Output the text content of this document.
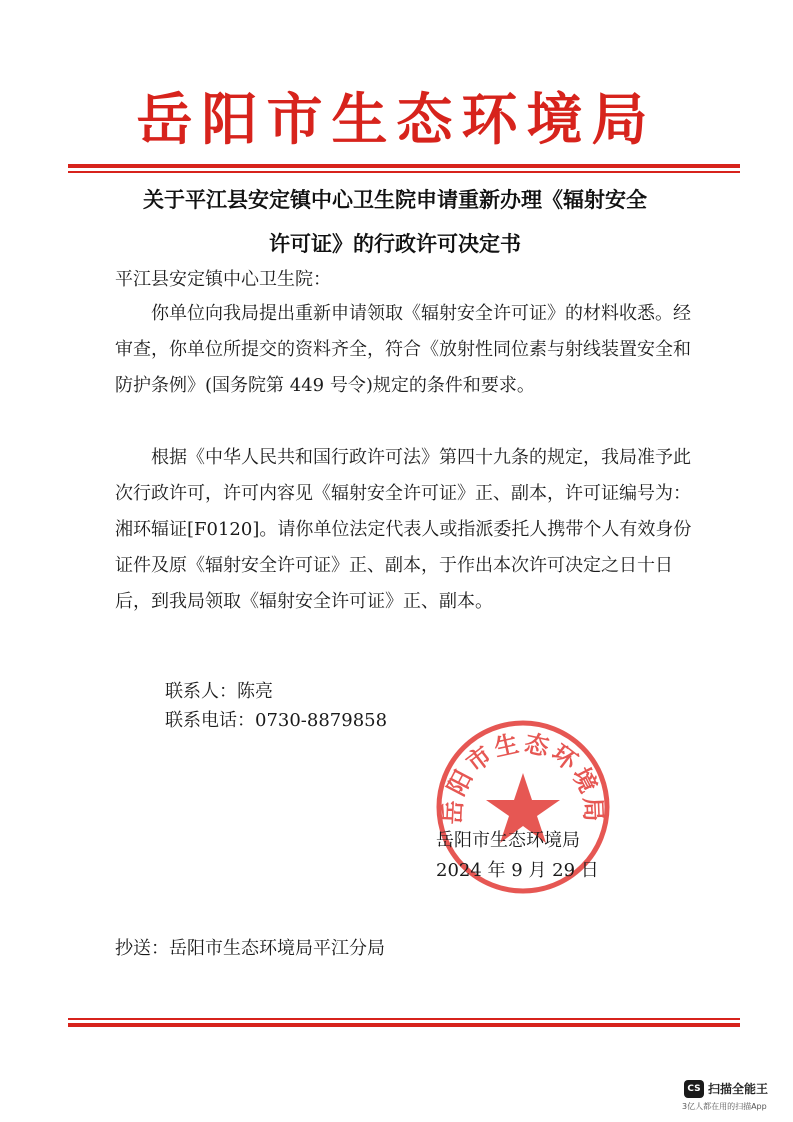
岳阳市生态环境局
关于平江县安定镇中心卫生院申请重新办理《辐射安全
许可证》的行政许可决定书
平江县安定镇中心卫生院：
你单位向我局提出重新申请领取《辐射安全许可证》的材料收悉。经审查，你单位所提交的资料齐全，符合《放射性同位素与射线装置安全和防护条例》(国务院第 449 号令)规定的条件和要求。
根据《中华人民共和国行政许可法》第四十九条的规定，我局准予此次行政许可，许可内容见《辐射安全许可证》正、副本，许可证编号为：湘环辐证[F0120]。请你单位法定代表人或指派委托人携带个人有效身份证件及原《辐射安全许可证》正、副本，于作出本次许可决定之日十日后，到我局领取《辐射安全许可证》正、副本。
联系人：陈亮
联系电话：0730-8879858
岳阳市生态环境局
岳阳市生态环境局
2024 年 9 月 29 日
抄送：岳阳市生态环境局平江分局
CS 扫描全能王
3亿人都在用的扫描App
